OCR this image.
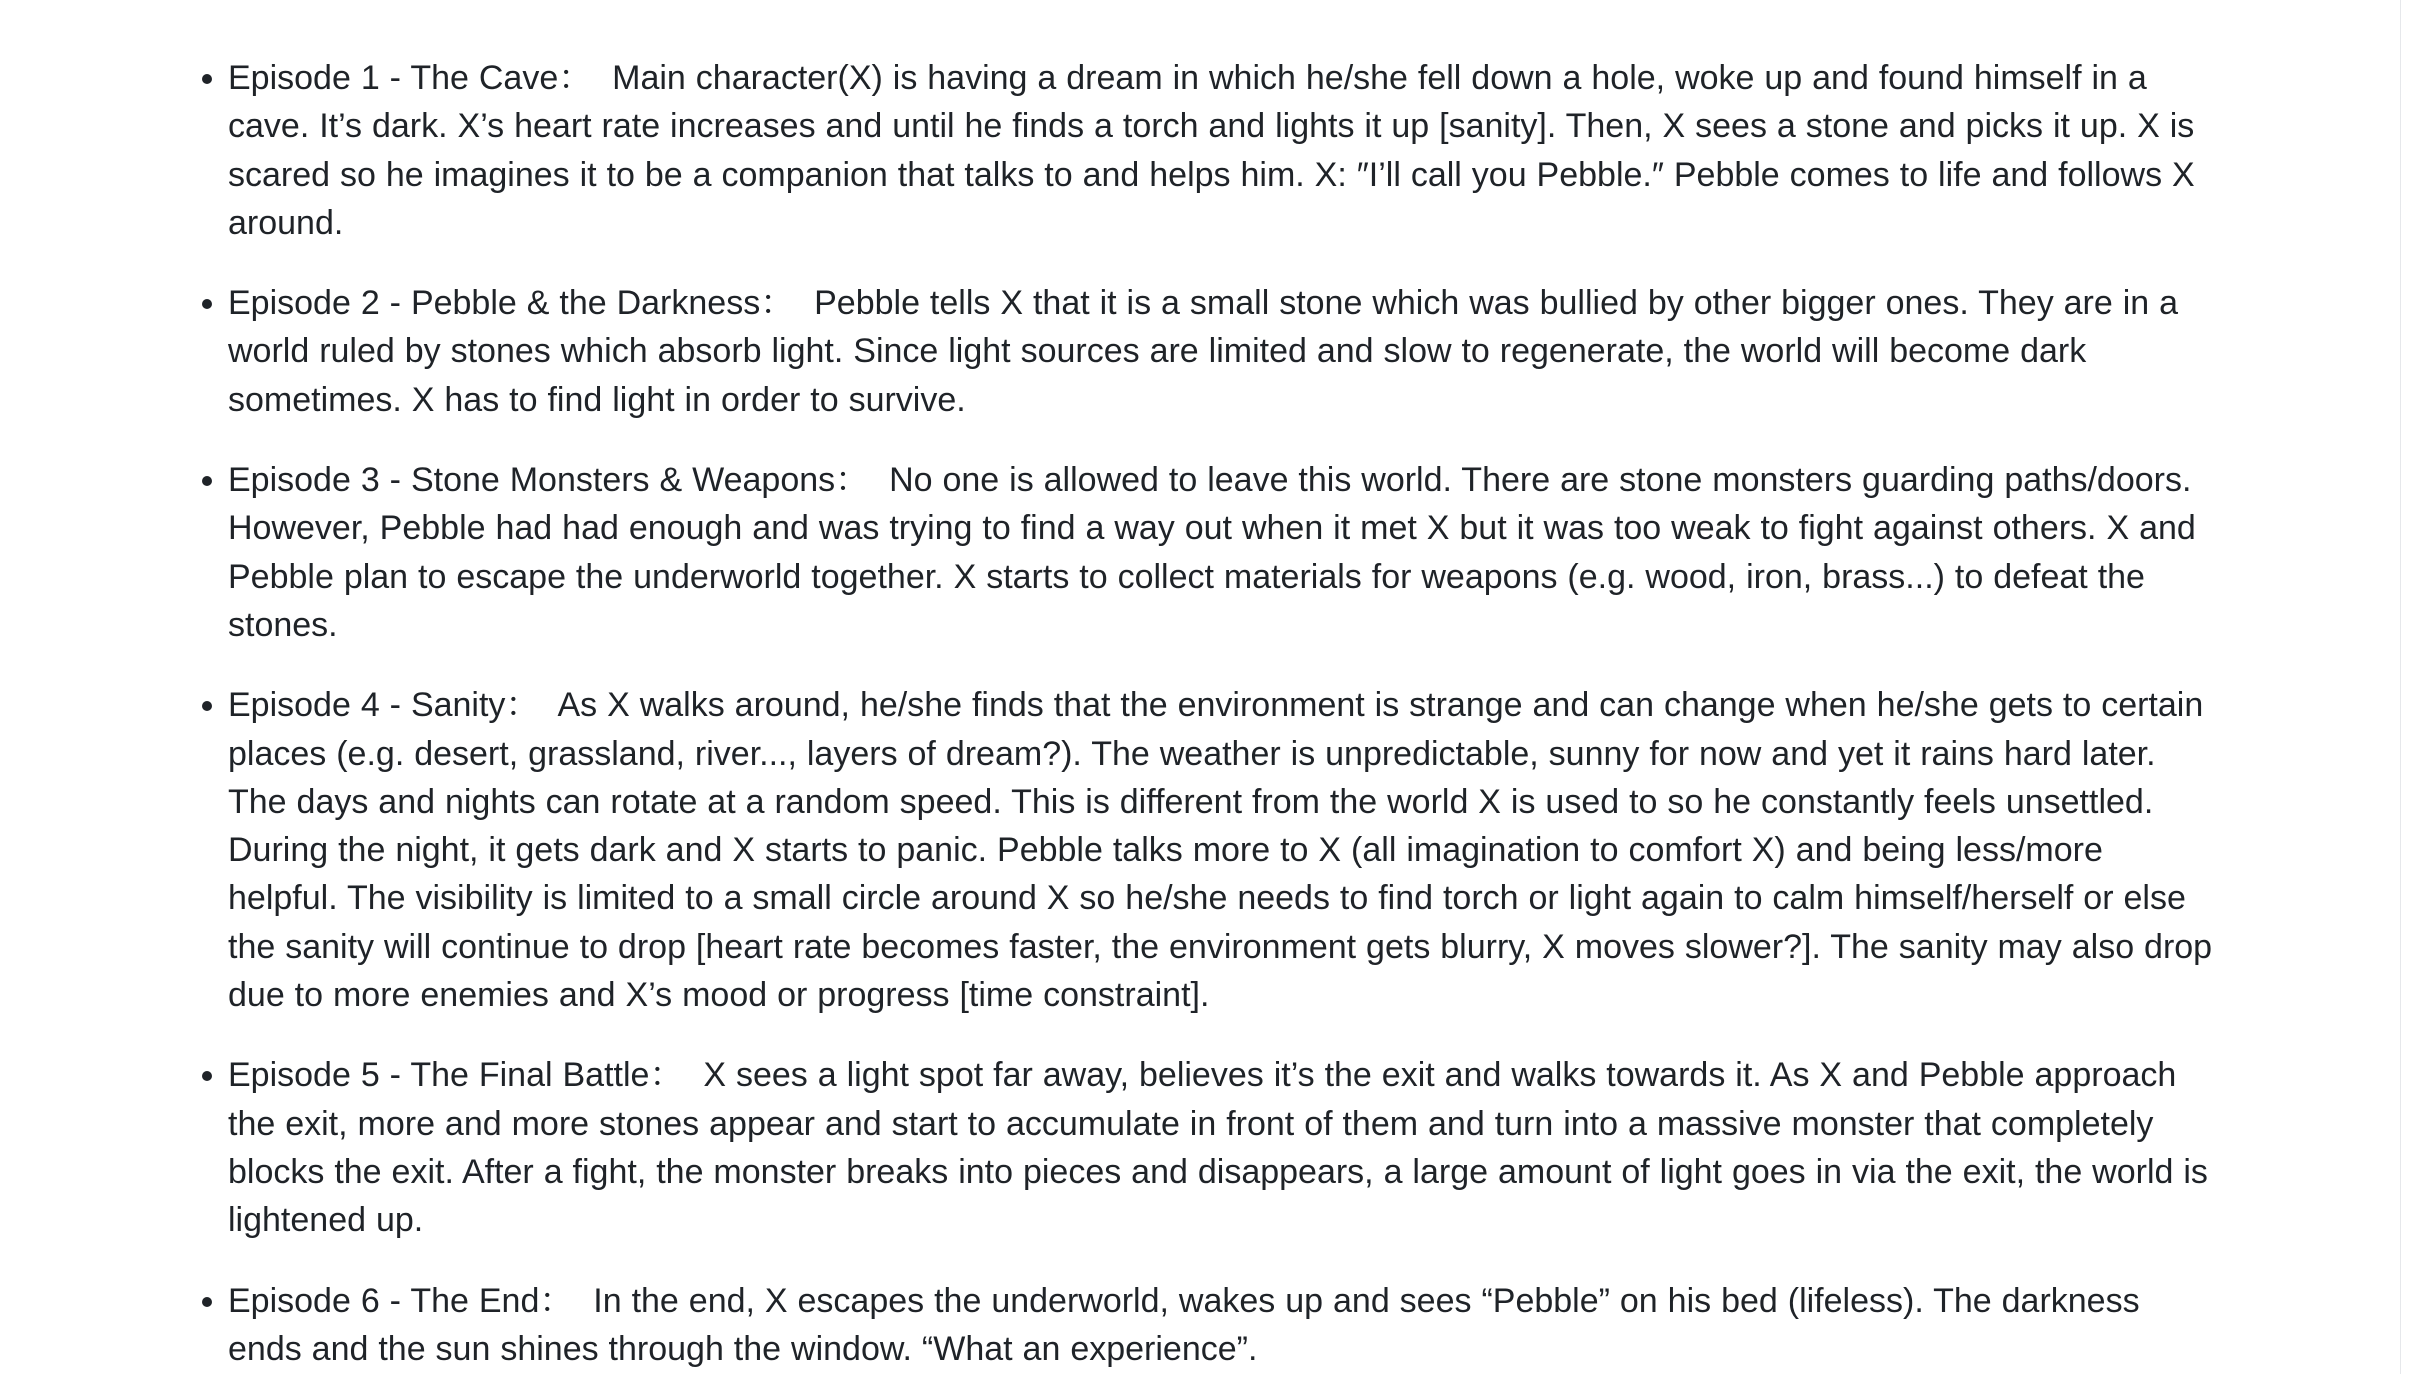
Episode 1 - The Cave：  Main character(X) is having a dream in which he/she fell down a hole, woke up and found himself in a cave. It’s dark. X’s heart rate increases and until he finds a torch and lights it up [sanity]. Then, X sees a stone and picks it up. X is scared so he imagines it to be a companion that talks to and helps him. X: ″I’ll call you Pebble.″ Pebble comes to life and follows X around.
Episode 2 - Pebble & the Darkness：  Pebble tells X that it is a small stone which was bullied by other bigger ones. They are in a world ruled by stones which absorb light. Since light sources are limited and slow to regenerate, the world will become dark sometimes. X has to find light in order to survive.
Episode 3 - Stone Monsters & Weapons：  No one is allowed to leave this world. There are stone monsters guarding paths/doors. However, Pebble had had enough and was trying to find a way out when it met X but it was too weak to fight against others. X and Pebble plan to escape the underworld together. X starts to collect materials for weapons (e.g. wood, iron, brass...) to defeat the stones.
Episode 4 - Sanity：  As X walks around, he/she finds that the environment is strange and can change when he/she gets to certain places (e.g. desert, grassland, river..., layers of dream?). The weather is unpredictable, sunny for now and yet it rains hard later. The days and nights can rotate at a random speed. This is different from the world X is used to so he constantly feels unsettled. During the night, it gets dark and X starts to panic. Pebble talks more to X (all imagination to comfort X) and being less/more helpful. The visibility is limited to a small circle around X so he/she needs to find torch or light again to calm himself/herself or else the sanity will continue to drop [heart rate becomes faster, the environment gets blurry, X moves slower?]. The sanity may also drop due to more enemies and X’s mood or progress [time constraint].
Episode 5 - The Final Battle：  X sees a light spot far away, believes it’s the exit and walks towards it. As X and Pebble approach the exit, more and more stones appear and start to accumulate in front of them and turn into a massive monster that completely blocks the exit. After a fight, the monster breaks into pieces and disappears, a large amount of light goes in via the exit, the world is lightened up.
Episode 6 - The End：  In the end, X escapes the underworld, wakes up and sees “Pebble” on his bed (lifeless). The darkness ends and the sun shines through the window. “What an experience”.
